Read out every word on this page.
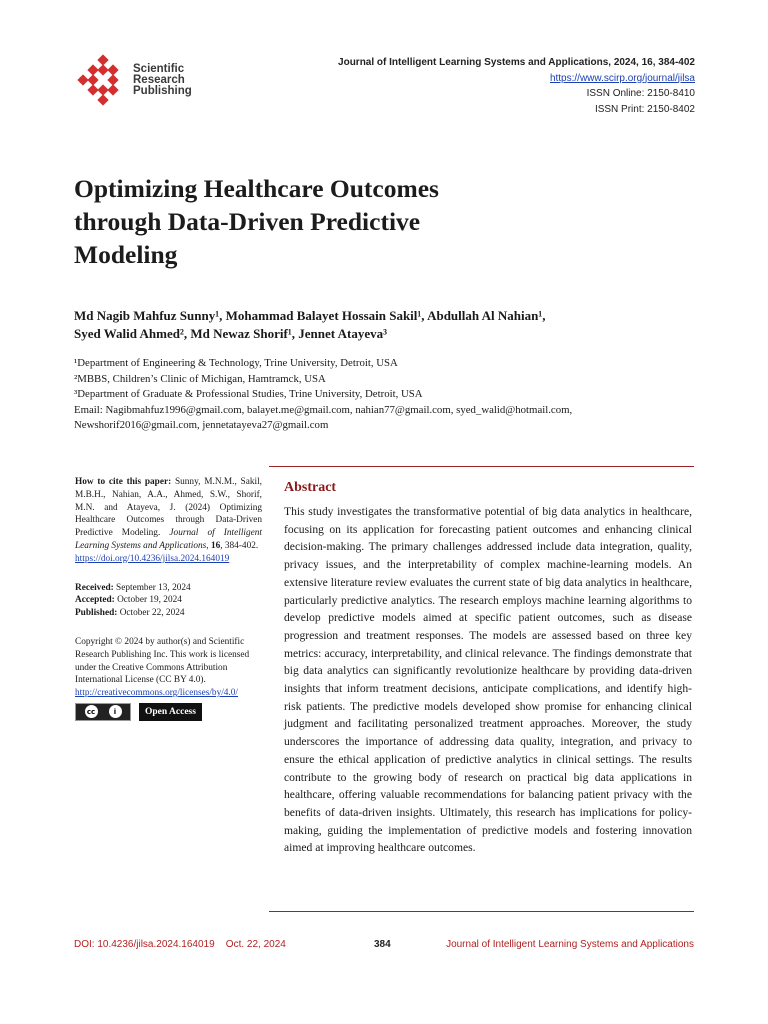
Scientific
Research
Publishing
Journal of Intelligent Learning Systems and Applications, 2024, 16, 384-402
https://www.scirp.org/journal/jilsa
ISSN Online: 2150-8410
ISSN Print: 2150-8402
Optimizing Healthcare Outcomes
through Data-Driven Predictive
Modeling
Md Nagib Mahfuz Sunny¹, Mohammad Balayet Hossain Sakil¹, Abdullah Al Nahian¹,
Syed Walid Ahmed², Md Newaz Shorif¹, Jennet Atayeva³
¹Department of Engineering & Technology, Trine University, Detroit, USA
²MBBS, Children’s Clinic of Michigan, Hamtramck, USA
³Department of Graduate & Professional Studies, Trine University, Detroit, USA
Email: Nagibmahfuz1996@gmail.com, balayet.me@gmail.com, nahian77@gmail.com, syed_walid@hotmail.com,
Newshorif2016@gmail.com, jennetatayeva27@gmail.com
How to cite this paper: Sunny, M.N.M., Sakil, M.B.H., Nahian, A.A., Ahmed, S.W., Shorif, M.N. and Atayeva, J. (2024) Optimizing Healthcare Outcomes through Data-Driven Predictive Modeling. Journal of Intelligent Learning Systems and Applications, 16, 384-402.
https://doi.org/10.4236/jilsa.2024.164019
Received: September 13, 2024
Accepted: October 19, 2024
Published: October 22, 2024
Copyright © 2024 by author(s) and Scientific Research Publishing Inc. This work is licensed under the Creative Commons Attribution International License (CC BY 4.0).
http://creativecommons.org/licenses/by/4.0/
cc	i	Open Access
Abstract
This study investigates the transformative potential of big data analytics in healthcare, focusing on its application for forecasting patient outcomes and enhancing clinical decision-making. The primary challenges addressed include data integration, quality, privacy issues, and the interpretability of complex machine-learning models. An extensive literature review evaluates the current state of big data analytics in healthcare, particularly predictive analytics. The research employs machine learning algorithms to develop predictive models aimed at specific patient outcomes, such as disease progression and treatment responses. The models are assessed based on three key metrics: accuracy, interpretability, and clinical relevance. The findings demonstrate that big data analytics can significantly revolutionize healthcare by providing data-driven insights that inform treatment decisions, anticipate complications, and identify high-risk patients. The predictive models developed show promise for enhancing clinical judgment and facilitating personalized treatment approaches. Moreover, the study underscores the importance of addressing data quality, integration, and privacy to ensure the ethical application of predictive analytics in clinical settings. The results contribute to the growing body of research on practical big data applications in healthcare, offering valuable recommendations for balancing patient privacy with the benefits of data-driven insights. Ultimately, this research has implications for policy-making, guiding the implementation of predictive models and fostering innovation aimed at improving healthcare outcomes.
DOI: 10.4236/jilsa.2024.164019 Oct. 22, 2024	384	Journal of Intelligent Learning Systems and Applications
